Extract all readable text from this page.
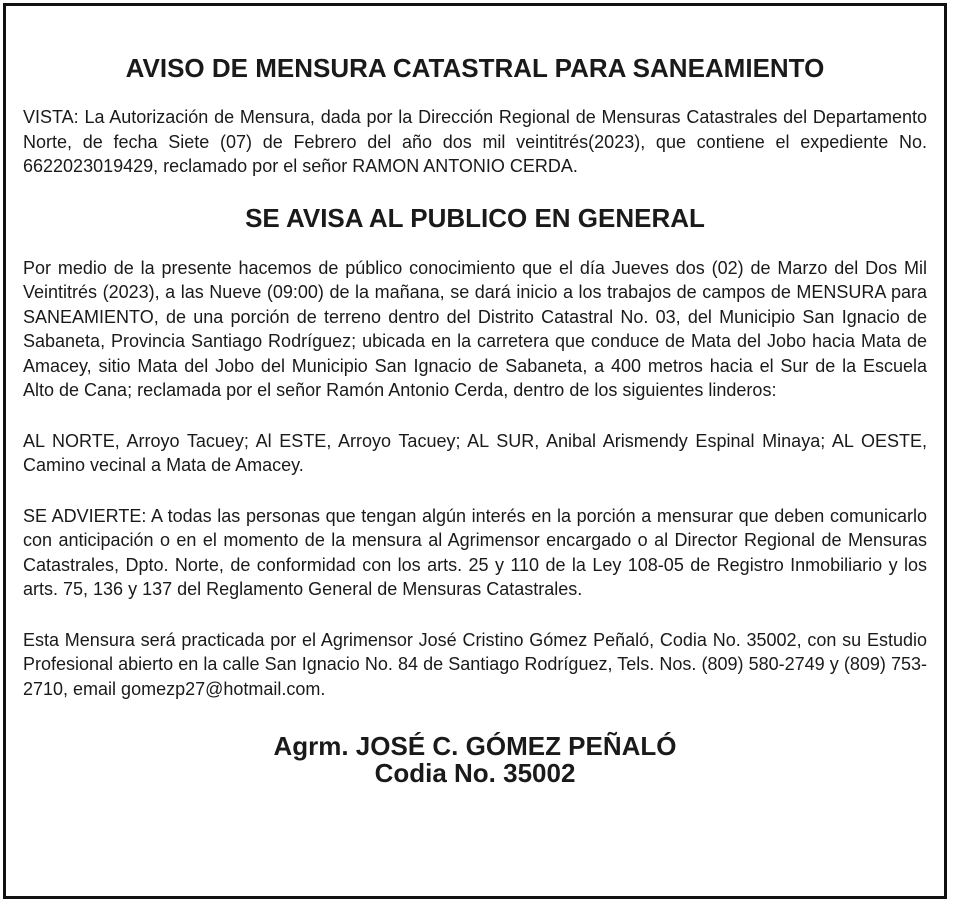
AVISO DE MENSURA CATASTRAL PARA SANEAMIENTO

VISTA: La Autorización de Mensura, dada por la Dirección Regional de Mensuras Catastrales del Departamento Norte, de fecha Siete (07) de Febrero del año dos mil veintitrés(2023), que contiene el expediente No. 6622023019429, reclamado por el señor RAMON ANTONIO CERDA.

SE AVISA AL PUBLICO EN GENERAL

Por medio de la presente hacemos de público conocimiento que el día Jueves dos (02) de Marzo del Dos Mil Veintitrés (2023), a las Nueve (09:00) de la mañana, se dará inicio a los trabajos de campos de MENSURA para SANEAMIENTO, de una porción de terreno dentro del Distrito Catastral No. 03, del Municipio San Ignacio de Sabaneta, Provincia Santiago Rodríguez; ubicada en la carretera que conduce de Mata del Jobo hacia Mata de Amacey, sitio Mata del Jobo del Municipio San Ignacio de Sabaneta, a 400 metros hacia el Sur de la Escuela Alto de Cana; reclamada por el señor Ramón Antonio Cerda, dentro de los siguientes linderos:

AL NORTE, Arroyo Tacuey; Al ESTE, Arroyo Tacuey; AL SUR, Anibal Arismendy Espinal Minaya; AL OESTE, Camino vecinal a Mata de Amacey.

SE ADVIERTE: A todas las personas que tengan algún interés en la porción a mensurar que deben comunicarlo con anticipación o en el momento de la mensura al Agrimensor encargado o al Director Regional de Mensuras Catastrales, Dpto. Norte, de conformidad con los arts. 25 y 110 de la Ley 108-05 de Registro Inmobiliario y los arts. 75, 136 y 137 del Reglamento General de Mensuras Catastrales.

Esta Mensura será practicada por el Agrimensor José Cristino Gómez Peñaló, Codia No. 35002, con su Estudio Profesional abierto en la calle San Ignacio No. 84 de Santiago Rodríguez, Tels. Nos. (809) 580-2749 y (809) 753-2710, email gomezp27@hotmail.com.

Agrm. JOSÉ C. GÓMEZ PEÑALÓ
Codia No. 35002
